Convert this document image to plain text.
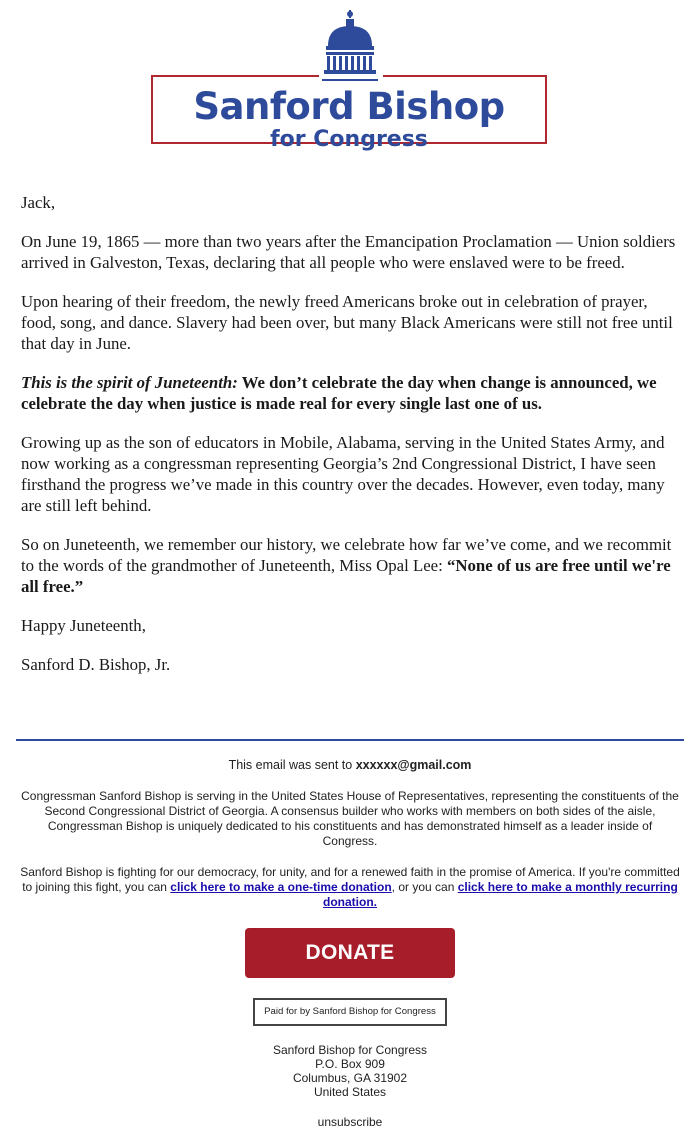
Sanford Bishop
for Congress

Jack,

On June 19, 1865 — more than two years after the Emancipation Proclamation — Union soldiers arrived in Galveston, Texas, declaring that all people who were enslaved were to be freed.

Upon hearing of their freedom, the newly freed Americans broke out in celebration of prayer, food, song, and dance. Slavery had been over, but many Black Americans were still not free until that day in June.

This is the spirit of Juneteenth: We don’t celebrate the day when change is announced, we celebrate the day when justice is made real for every single last one of us.

Growing up as the son of educators in Mobile, Alabama, serving in the United States Army, and now working as a congressman representing Georgia’s 2nd Congressional District, I have seen firsthand the progress we’ve made in this country over the decades. However, even today, many are still left behind.

So on Juneteenth, we remember our history, we celebrate how far we’ve come, and we recommit to the words of the grandmother of Juneteenth, Miss Opal Lee: “None of us are free until we're all free.”

Happy Juneteenth,

Sanford D. Bishop, Jr.

This email was sent to xxxxxx@gmail.com

Congressman Sanford Bishop is serving in the United States House of Representatives, representing the constituents of the Second Congressional District of Georgia. A consensus builder who works with members on both sides of the aisle, Congressman Bishop is uniquely dedicated to his constituents and has demonstrated himself as a leader inside of Congress.

Sanford Bishop is fighting for our democracy, for unity, and for a renewed faith in the promise of America. If you're committed to joining this fight, you can click here to make a one-time donation, or you can click here to make a monthly recurring donation.

DONATE
Paid for by Sanford Bishop for Congress
Sanford Bishop for Congress
P.O. Box 909
Columbus, GA 31902
United States
unsubscribe
